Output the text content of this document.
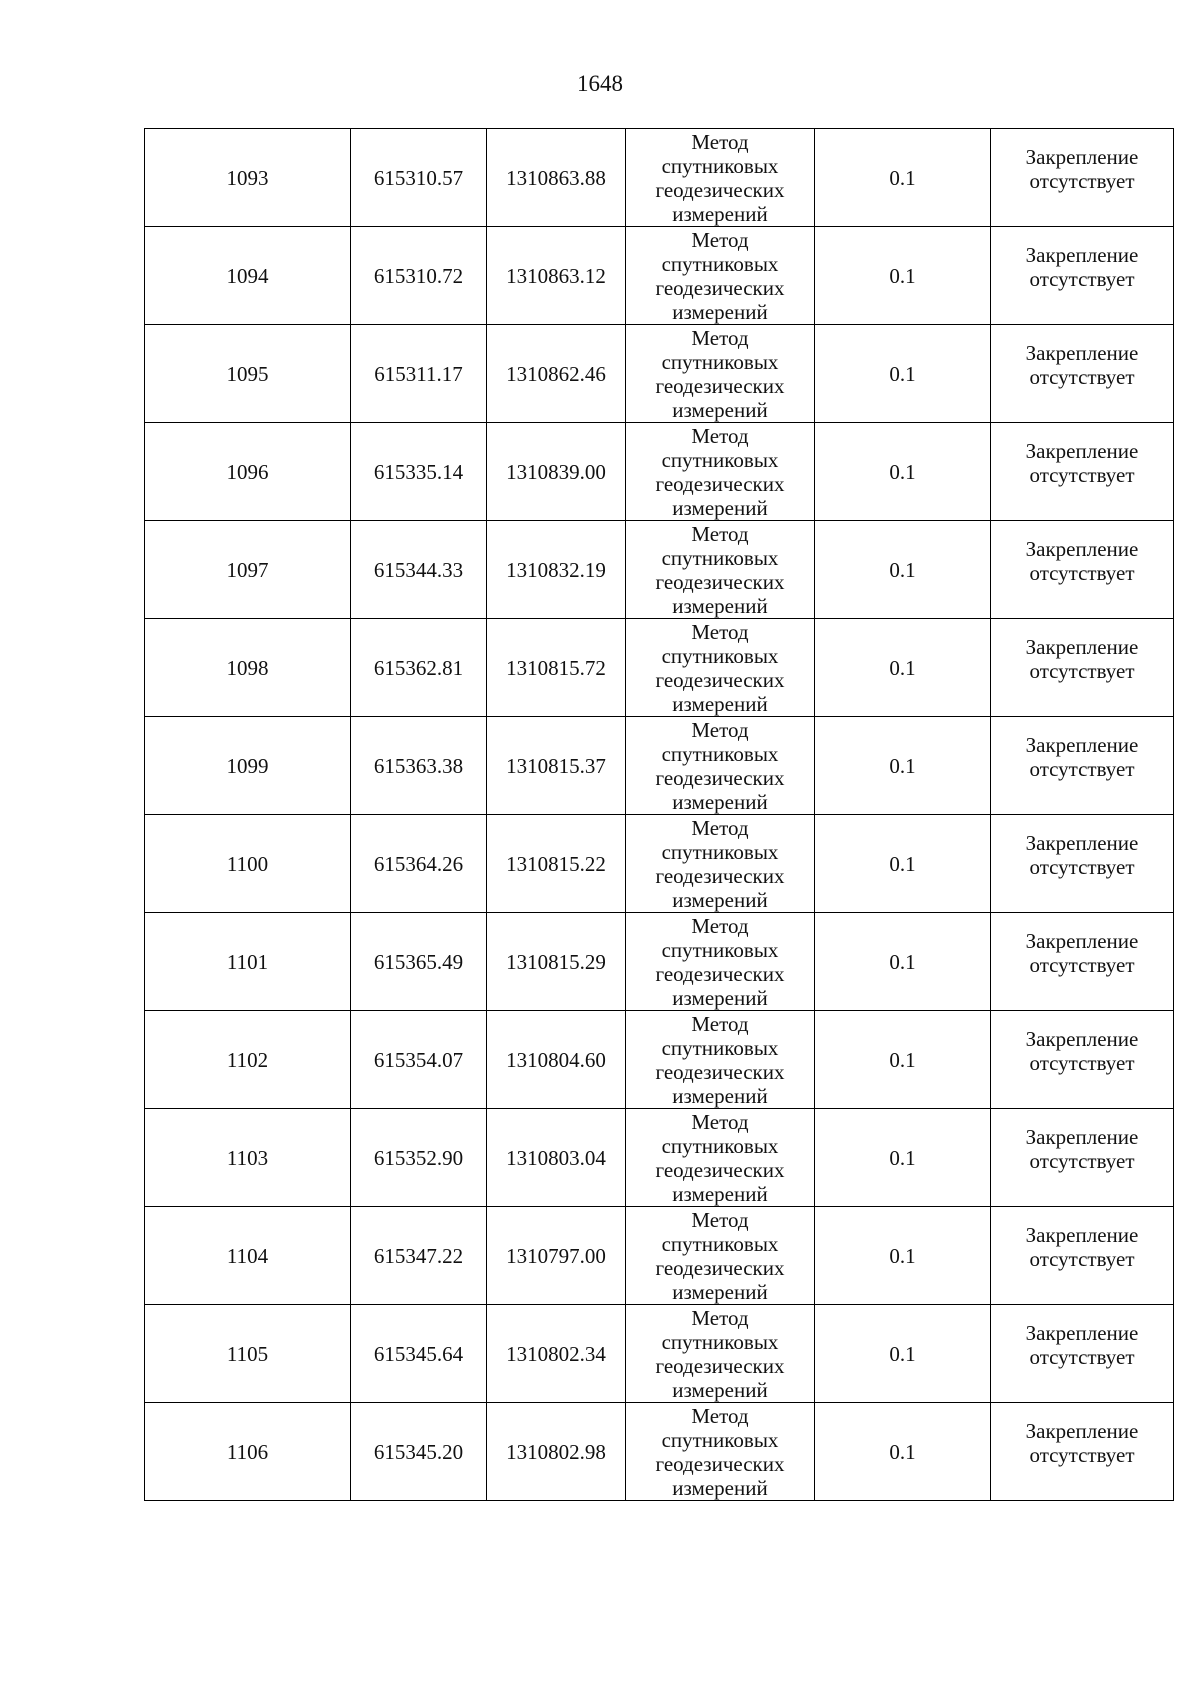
1648
1093	615310.57	1310863.88	Метод
спутниковых
геодезических
измерений	0.1	Закрепление
отсутствует

1094	615310.72	1310863.12	Метод
спутниковых
геодезических
измерений	0.1	Закрепление
отсутствует

1095	615311.17	1310862.46	Метод
спутниковых
геодезических
измерений	0.1	Закрепление
отсутствует

1096	615335.14	1310839.00	Метод
спутниковых
геодезических
измерений	0.1	Закрепление
отсутствует

1097	615344.33	1310832.19	Метод
спутниковых
геодезических
измерений	0.1	Закрепление
отсутствует

1098	615362.81	1310815.72	Метод
спутниковых
геодезических
измерений	0.1	Закрепление
отсутствует

1099	615363.38	1310815.37	Метод
спутниковых
геодезических
измерений	0.1	Закрепление
отсутствует

1100	615364.26	1310815.22	Метод
спутниковых
геодезических
измерений	0.1	Закрепление
отсутствует

1101	615365.49	1310815.29	Метод
спутниковых
геодезических
измерений	0.1	Закрепление
отсутствует

1102	615354.07	1310804.60	Метод
спутниковых
геодезических
измерений	0.1	Закрепление
отсутствует

1103	615352.90	1310803.04	Метод
спутниковых
геодезических
измерений	0.1	Закрепление
отсутствует

1104	615347.22	1310797.00	Метод
спутниковых
геодезических
измерений	0.1	Закрепление
отсутствует

1105	615345.64	1310802.34	Метод
спутниковых
геодезических
измерений	0.1	Закрепление
отсутствует

1106	615345.20	1310802.98	Метод
спутниковых
геодезических
измерений	0.1	Закрепление
отсутствует
